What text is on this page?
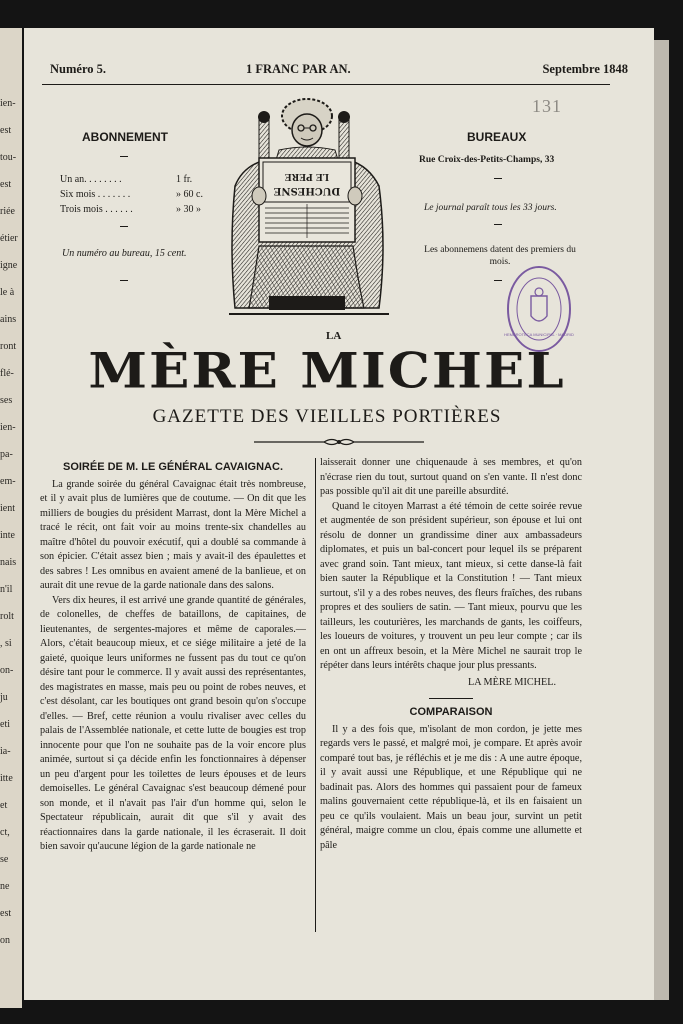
ien-
est
tou-
est
riée
étier
igne
le à
ains
ront
flé-
ses
ien-
pa-
em-
ient
inte
nais
n'il
rolt
, si
on-
ju
eti
ia-
itte
et
ct,
se
ne
est
on
Numéro 5.	1 FRANC PAR AN.	Septembre 1848
131
ABONNEMENT
Un an. . . . . . . .	1 fr.
Six mois . . . . . . .	» 60 c.
Trois mois . . . . . .	» 30 »
Un numéro au bureau, 15 cent.
BUREAUX
Rue Croix-des-Petits-Champs, 33
Le journal paraît tous les 33 jours.
Les abonnemens datent des premiers du mois.
LE PERE
DUCHESNE
HEMEROTECA MUNICIPAL · MADRID
LA
MÈRE MICHEL
GAZETTE DES VIEILLES PORTIÈRES

SOIRÉE DE M. LE GÉNÉRAL CAVAIGNAC.

La grande soirée du général Cavaignac était très nombreuse, et il y avait plus de lumières que de coutume. — On dit que les milliers de bougies du président Marrast, dont la Mère Michel a tracé le récit, ont fait voir au moins trente-six chandelles au maître d'hôtel du pouvoir exécutif, qui a doublé sa commande à son épicier. C'était assez bien ; mais y avait-il des épaulettes et des sabres ! Les omnibus en avaient amené de la banlieue, et on aurait dit une revue de la garde nationale dans des salons.

Vers dix heures, il est arrivé une grande quantité de générales, de colonelles, de cheffes de bataillons, de capitaines, de lieutenantes, de sergentes-majores et même de caporales.—Alors, c'était beaucoup mieux, et ce siége militaire a jeté de la gaieté, quoique leurs uniformes ne fussent pas du tout ce qu'on désire tant pour le commerce. Il y avait aussi des représentantes, des magistrates en masse, mais peu ou point de robes neuves, et c'est désolant, car les boutiques ont grand besoin qu'on s'occupe d'elles. — Bref, cette réunion a voulu rivaliser avec celles du palais de l'Assemblée nationale, et cette lutte de bougies est trop innocente pour que l'on ne souhaite pas de la voir encore plus animée, surtout si ça décide enfin les fonctionnaires à dépenser un peu d'argent pour les toilettes de leurs épouses et de leurs demoiselles. Le général Cavaignac s'est beaucoup démené pour son monde, et il n'avait pas l'air d'un homme qui, selon le Spectateur républicain, aurait dit que s'il y avait des réactionnaires dans la garde nationale, il les écraserait. Il doit bien savoir qu'aucune légion de la garde nationale ne

laisserait donner une chiquenaude à ses membres, et qu'on n'écrase rien du tout, surtout quand on s'en vante. Il n'est donc pas possible qu'il ait dit une pareille absurdité.

Quand le citoyen Marrast a été témoin de cette soirée revue et augmentée de son président supérieur, son épouse et lui ont résolu de donner un grandissime diner aux ambassadeurs diplomates, et puis un bal-concert pour lequel ils se préparent avec grand soin. Tant mieux, tant mieux, si cette danse-là fait bien sauter la République et la Constitution ! — Tant mieux surtout, s'il y a des robes neuves, des fleurs fraîches, des rubans propres et des souliers de satin. — Tant mieux, pourvu que les tailleurs, les couturières, les marchands de gants, les coiffeurs, les loueurs de voitures, y trouvent un peu leur compte ; car ils en ont un affreux besoin, et la Mère Michel ne saurait trop le répéter dans leurs intérêts chaque jour plus pressants.

LA MÈRE MICHEL.

COMPARAISON

Il y a des fois que, m'isolant de mon cordon, je jette mes regards vers le passé, et malgré moi, je compare. Et après avoir comparé tout bas, je réfléchis et je me dis : A une autre époque, il y avait aussi une République, et une République qui ne badinait pas. Alors des hommes qui passaient pour de fameux malins gouvernaient cette république-là, et ils en faisaient un peu ce qu'ils voulaient. Mais un beau jour, survint un petit général, maigre comme un clou, épais comme une allumette et pâle
